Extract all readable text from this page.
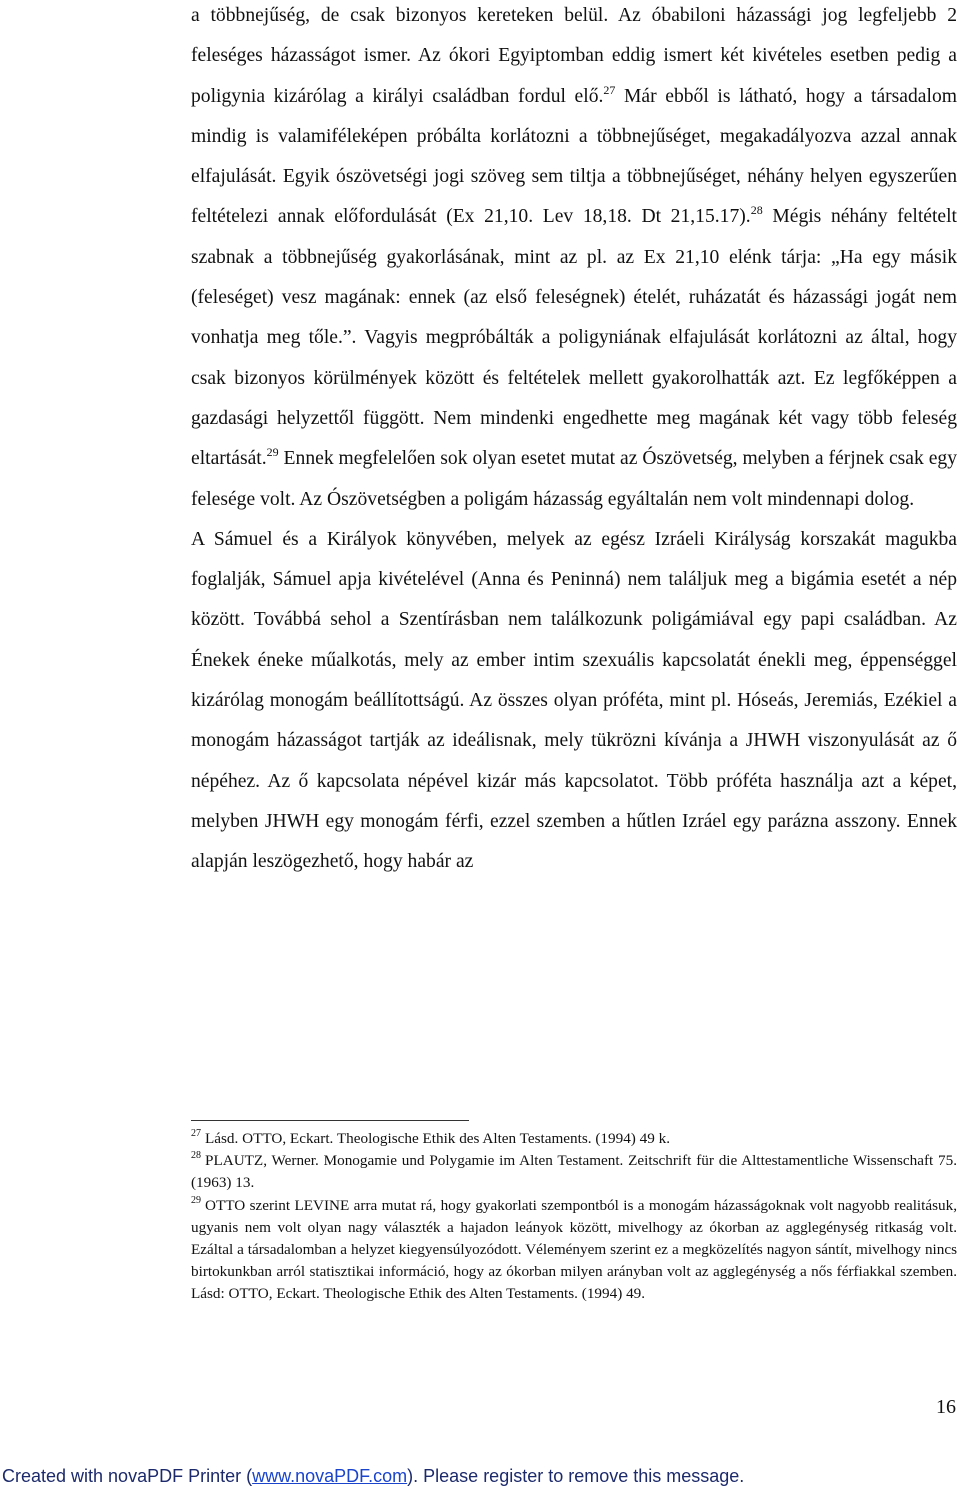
a többnejűség, de csak bizonyos kereteken belül. Az óbabiloni házassági jog legfeljebb 2 feleséges házasságot ismer. Az ókori Egyiptomban eddig ismert két kivételes esetben pedig a poligynia kizárólag a királyi családban fordul elő.$^{27}$ Már ebből is látható, hogy a társadalom mindig is valamiféleképen próbálta korlátozni a többnejűséget, megakadályozva azzal annak elfajulását. Egyik ószövetségi jogi szöveg sem tiltja a többnejűséget, néhány helyen egyszerűen feltételezi annak előfordulását (Ex 21,10. Lev 18,18. Dt 21,15.17).$^{28}$ Mégis néhány feltételt szabnak a többnejűség gyakorlásának, mint az pl. az Ex 21,10 elénk tárja: „Ha egy másik (feleséget) vesz magának: ennek (az első feleségnek) ételét, ruházatát és házassági jogát nem vonhatja meg tőle.”. Vagyis megpróbálták a poligyniának elfajulását korlátozni az által, hogy csak bizonyos körülmények között és feltételek mellett gyakorolhatták azt. Ez legfőképpen a gazdasági helyzettől függött. Nem mindenki engedhette meg magának két vagy több feleség eltartását.$^{29}$ Ennek megfelelően sok olyan esetet mutat az Ószövetség, melyben a férjnek csak egy felesége volt. Az Ószövetségben a poligám házasság egyáltalán nem volt mindennapi dolog.

A Sámuel és a Királyok könyvében, melyek az egész Izráeli Királyság korszakát magukba foglalják, Sámuel apja kivételével (Anna és Peninná) nem találjuk meg a bigámia esetét a nép között. Továbbá sehol a Szentírásban nem találkozunk poligámiával egy papi családban. Az Énekek éneke műalkotás, mely az ember intim szexuális kapcsolatát énekli meg, éppenséggel kizárólag monogám beállítottságú. Az összes olyan próféta, mint pl. Hóseás, Jeremiás, Ezékiel a monogám házasságot tartják az ideálisnak, mely tükrözni kívánja a JHWH viszonyulását az ő népéhez. Az ő kapcsolata népével kizár más kapcsolatot. Több próféta használja azt a képet, melyben JHWH egy monogám férfi, ezzel szemben a hűtlen Izráel egy parázna asszony. Ennek alapján leszögezhető, hogy habár az

$^{27}$ Lásd. OTTO, Eckart. Theologische Ethik des Alten Testaments. (1994) 49 k.

$^{28}$ PLAUTZ, Werner. Monogamie und Polygamie im Alten Testament. Zeitschrift für die Alttestamentliche Wissenschaft 75. (1963) 13.

$^{29}$ OTTO szerint LEVINE arra mutat rá, hogy gyakorlati szempontból is a monogám házasságoknak volt nagyobb realitásuk, ugyanis nem volt olyan nagy választék a hajadon leányok között, mivelhogy az ókorban az agglegénység ritkaság volt. Ezáltal a társadalomban a helyzet kiegyensúlyozódott. Véleményem szerint ez a megközelítés nagyon sántít, mivelhogy nincs birtokunkban arról statisztikai információ, hogy az ókorban milyen arányban volt az agglegénység a nős férfiakkal szemben. Lásd: OTTO, Eckart. Theologische Ethik des Alten Testaments. (1994) 49.

16
Created with novaPDF Printer (www.novaPDF.com). Please register to remove this message.
